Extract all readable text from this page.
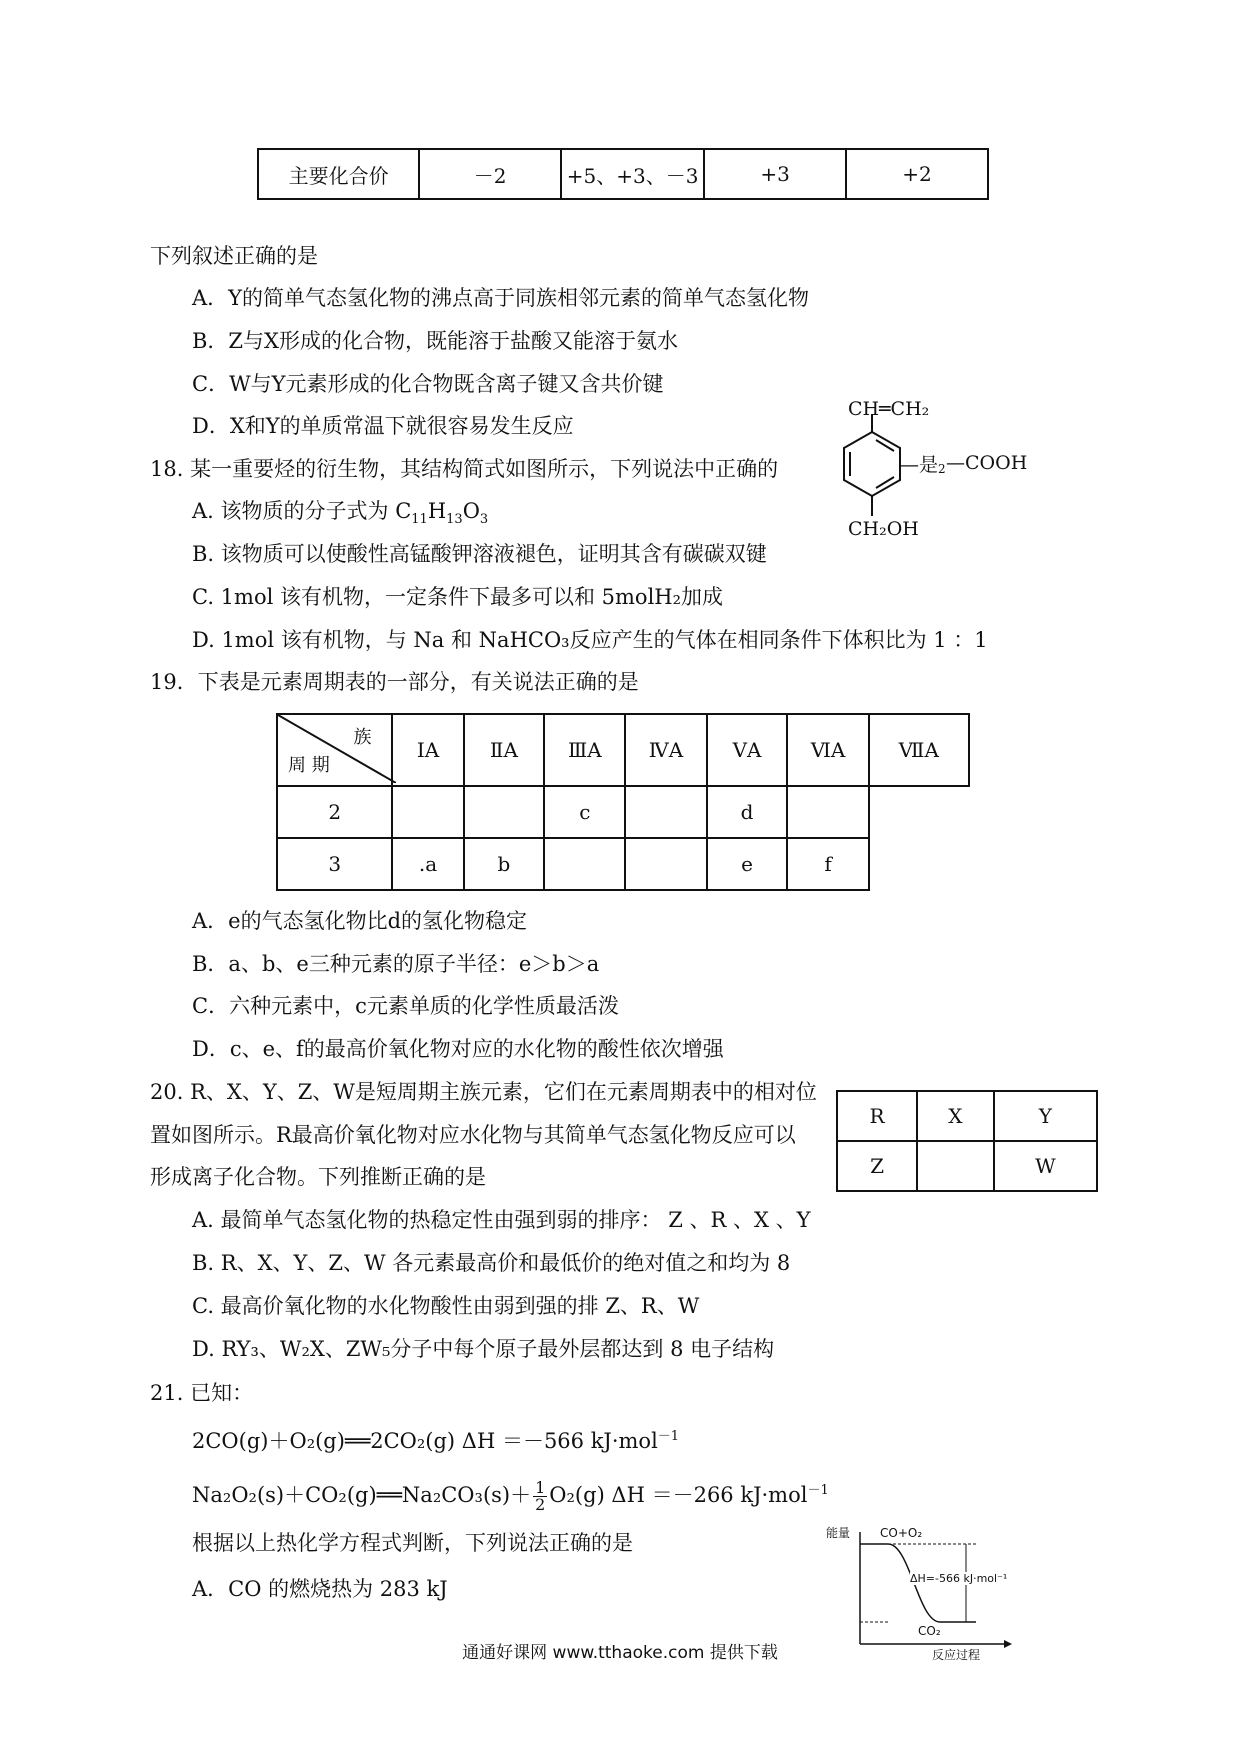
主要化合价	－2	+5、+3、－3	+3	+2
下列叙述正确的是
A．Y的简单气态氢化物的沸点高于同族相邻元素的简单气态氢化物
B．Z与X形成的化合物，既能溶于盐酸又能溶于氨水
C．W与Y元素形成的化合物既含离子键又含共价键
D．X和Y的单质常温下就很容易发生反应
18. 某一重要烃的衍生物，其结构简式如图所示，下列说法中正确的
A. 该物质的分子式为 $C_{11}H_{13}O_3$
B. 该物质可以使酸性高锰酸钾溶液褪色，证明其含有碳碳双键
C. 1mol 该有机物，一定条件下最多可以和 5molH₂加成
D. 1mol 该有机物，与 Na 和 NaHCO₃反应产生的气体在相同条件下体积比为 1 ：1
CH═CH₂
—是 2 —COOH
CH₂OH
19．下表是元素周期表的一部分，有关说法正确的是
族
周 期	ⅠA	ⅡA	ⅢA	ⅣA	ⅤA	ⅥA	ⅦA
2			c		d		
3	.a	b			e	f	
A．e的气态氢化物比d的氢化物稳定
B．a、b、e三种元素的原子半径：e＞b＞a
C．六种元素中，c元素单质的化学性质最活泼
D．c、e、f的最高价氧化物对应的水化物的酸性依次增强
20. R、X、Y、Z、W是短周期主族元素，它们在元素周期表中的相对位
置如图所示。R最高价氧化物对应水化物与其简单气态氢化物反应可以
形成离子化合物。下列推断正确的是
R	X	Y
Z		W
A. 最简单气态氢化物的热稳定性由强到弱的排序： Z 、R 、X 、Y
B. R、X、Y、Z、W 各元素最高价和最低价的绝对值之和均为 8
C. 最高价氧化物的水化物酸性由弱到强的排 Z、R、W
D. RY₃、W₂X、ZW₅分子中每个原子最外层都达到 8 电子结构
21. 已知：
2CO(g)＋O₂(g)══2CO₂(g) ΔH ＝－566 kJ·mol$^{-1}$
Na₂O₂(s)＋CO₂(g)══Na₂CO₃(s)＋ $\frac{1}{2} O_2(g)$ ΔH ＝－266 kJ·mol$^{-1}$
根据以上热化学方程式判断，下列说法正确的是
A．CO 的燃烧热为 283 kJ
能量 CO+O₂
ΔH=-566 kJ·mol⁻¹
CO₂
反应过程
通通好课网 www.tthaoke.com 提供下载
